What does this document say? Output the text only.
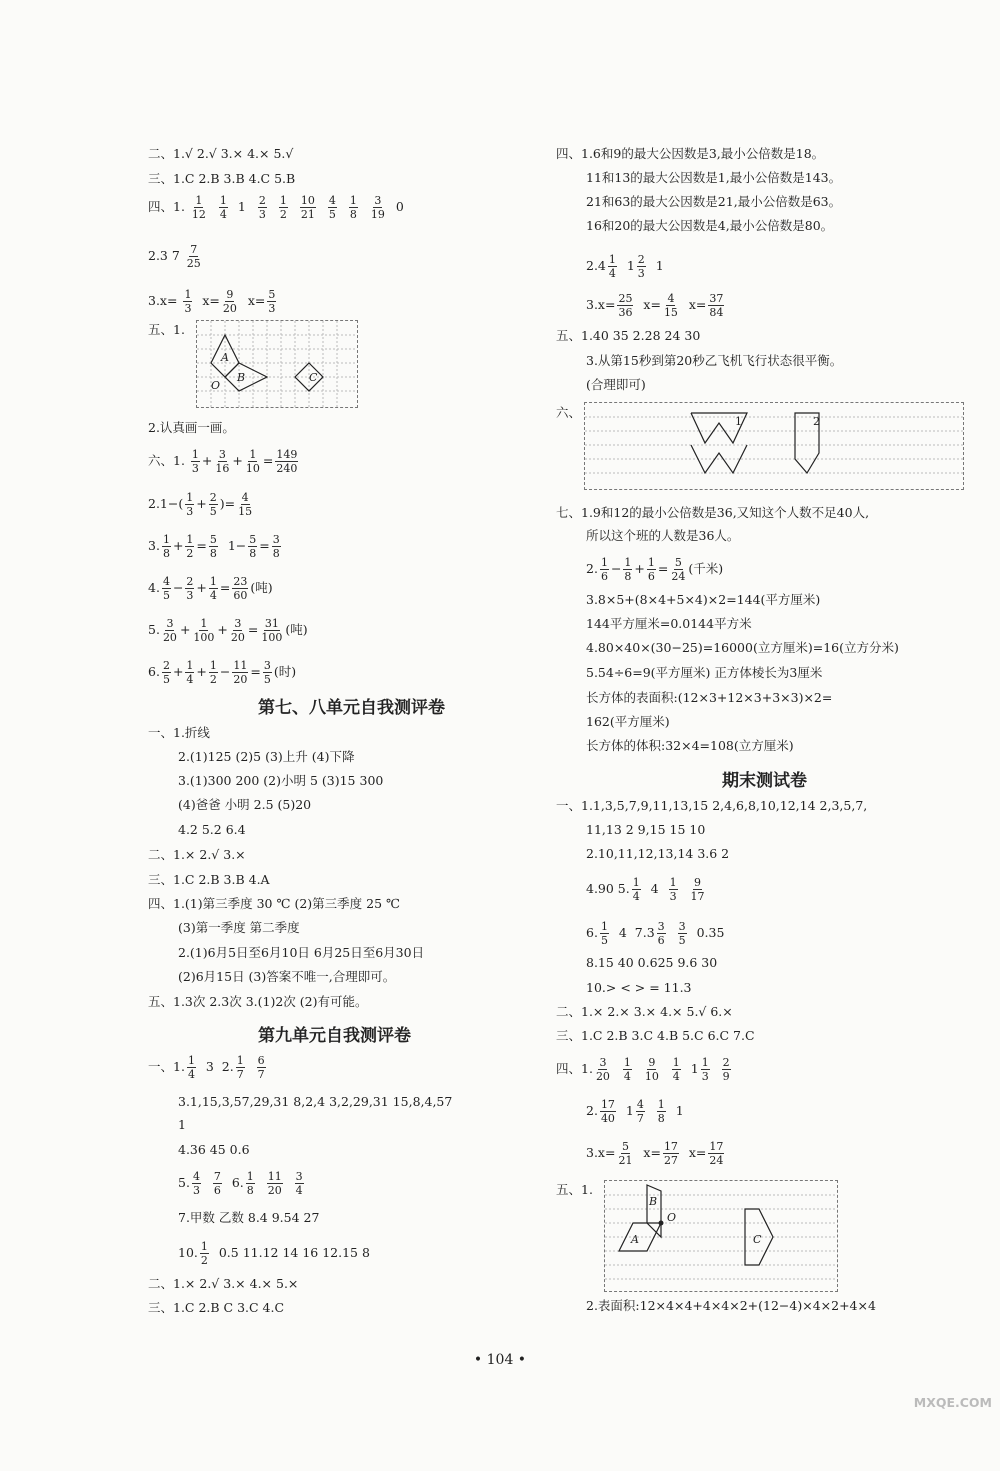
二、1.√ 2.√ 3.× 4.× 5.√
三、1.C 2.B 3.B 4.C 5.B
四、1. $\frac{1}{12} \frac{1}{4} 1 \frac{2}{3} \frac{1}{2} \frac{10}{21} \frac{4}{5} \frac{1}{8} \frac{3}{19} 0$
2.3 $7 \frac{7}{25}$
$3.x= \frac{1}{3} x= \frac{9}{20} x= \frac{5}{3}$
五、1.
A
B	C
O
2.认真画一画。
六、1. $\frac{1}{3} + \frac{3}{16} + \frac{1}{10} = \frac{149}{240}$
$2.1-( \frac{1}{3} + \frac{2}{5}$ )= $\frac{4}{15}$
3. $\frac{1}{8} + \frac{1}{2} = \frac{5}{8} 1- \frac{5}{8} = \frac{3}{8}$
4. $\frac{4}{5} - \frac{2}{3} + \frac{1}{4} = \frac{23}{60}$ (吨)
5. $\frac{3}{20} + \frac{1}{100} + \frac{3}{20} = \frac{31}{100}$ (吨)
6. $\frac{2}{5} + \frac{1}{4} + \frac{1}{2} - \frac{11}{20} = \frac{3}{5}$ (时)
第七、八单元自我测评卷
一、1.折线
2.(1)125 (2)5 (3)上升 (4)下降
3.(1)300 200 (2)小明 5 (3)15 300
(4)爸爸 小明 2.5 (5)20
4.2 5.2 6.4
二、1.× 2.√ 3.×
三、1.C 2.B 3.B 4.A
四、1.(1)第三季度 30 ℃ (2)第三季度 25 ℃
(3)第一季度 第二季度
2.(1)6月5日至6月10日 6月25日至6月30日
(2)6月15日 (3)答案不唯一,合理即可。
五、1.3次 2.3次 3.(1)2次 (2)有可能。
第九单元自我测评卷
一、1. $\frac{1}{4} 3$  2. $\frac{1}{7}$
$\frac{6}{7}$
3.1,15,3,57,29,31 8,2,4 3,2,29,31 15,8,4,57
1
4.36 45 0.6
5. $\frac{4}{3}$
$\frac{7}{6} 6$. $\frac{1}{8}$
$\frac{11}{20}$
$\frac{3}{4}$
7.甲数 乙数 8.4 9.54 27
10. $\frac{1}{2} 0.5$ 11.12 14 16 12.15 8
二、1.× 2.√ 3.× 4.× 5.×
三、1.C 2.B C 3.C 4.C
四、1.6和9的最大公因数是3,最小公倍数是18。
11和13的最大公因数是1,最小公倍数是143。
21和63的最大公因数是21,最小公倍数是63。
16和20的最大公因数是4,最小公倍数是80。
$2.4 \frac{1}{4} 1 \frac{2}{3} 1$
$3.x= \frac{25}{36} x= \frac{4}{15} x= \frac{37}{84}$
五、1.40 35 2.28 24 30
3.从第15秒到第20秒乙飞机飞行状态很平衡。
(合理即可)
六、
1	2
七、1.9和12的最小公倍数是36,又知这个人数不足40人,
所以这个班的人数是36人。
2. $\frac{1}{6} - \frac{1}{8} + \frac{1}{6} = \frac{5}{24}$ (千米)
3.8×5+(8×4+5×4)×2=144(平方厘米)
144平方厘米=0.0144平方米
4.80×40×(30−25)=16000(立方厘米)=16(立方分米)
5.54÷6=9(平方厘米) 正方体棱长为3厘米
长方体的表面积:(12×3+12×3+3×3)×2=
162(平方厘米)
长方体的体积:32×4=108(立方厘米)
期末测试卷
一、1.1,3,5,7,9,11,13,15 2,4,6,8,10,12,14 2,3,5,7,
11,13 2 9,15 15 10
2.10,11,12,13,14 3.6 2
4.90 5. $\frac{1}{4} 4 \frac{1}{3}$
$\frac{9}{17}$
6. $\frac{1}{5} 4$  $7.3 \frac{3}{6}$
$\frac{3}{5} 0.35$
8.15 40 0.625 9.6 30
10.> < > = 11.3
二、1.× 2.× 3.× 4.× 5.√ 6.×
三、1.C 2.B 3.C 4.B 5.C 6.C 7.C
四、1. $\frac{3}{20}$
$\frac{1}{4}$
$\frac{9}{10}$
$\frac{1}{4} 1 \frac{1}{3}$
$\frac{2}{9}$
2. $\frac{17}{40} 1 \frac{4}{7}$
$\frac{1}{8} 1$
$3.x= \frac{5}{21} x= \frac{17}{27} x= \frac{17}{24}$
五、1.
B
A	C
O
2.表面积:12×4×4+4×4×2+(12−4)×4×2+4×4
• 104 •
MXQE.COM
